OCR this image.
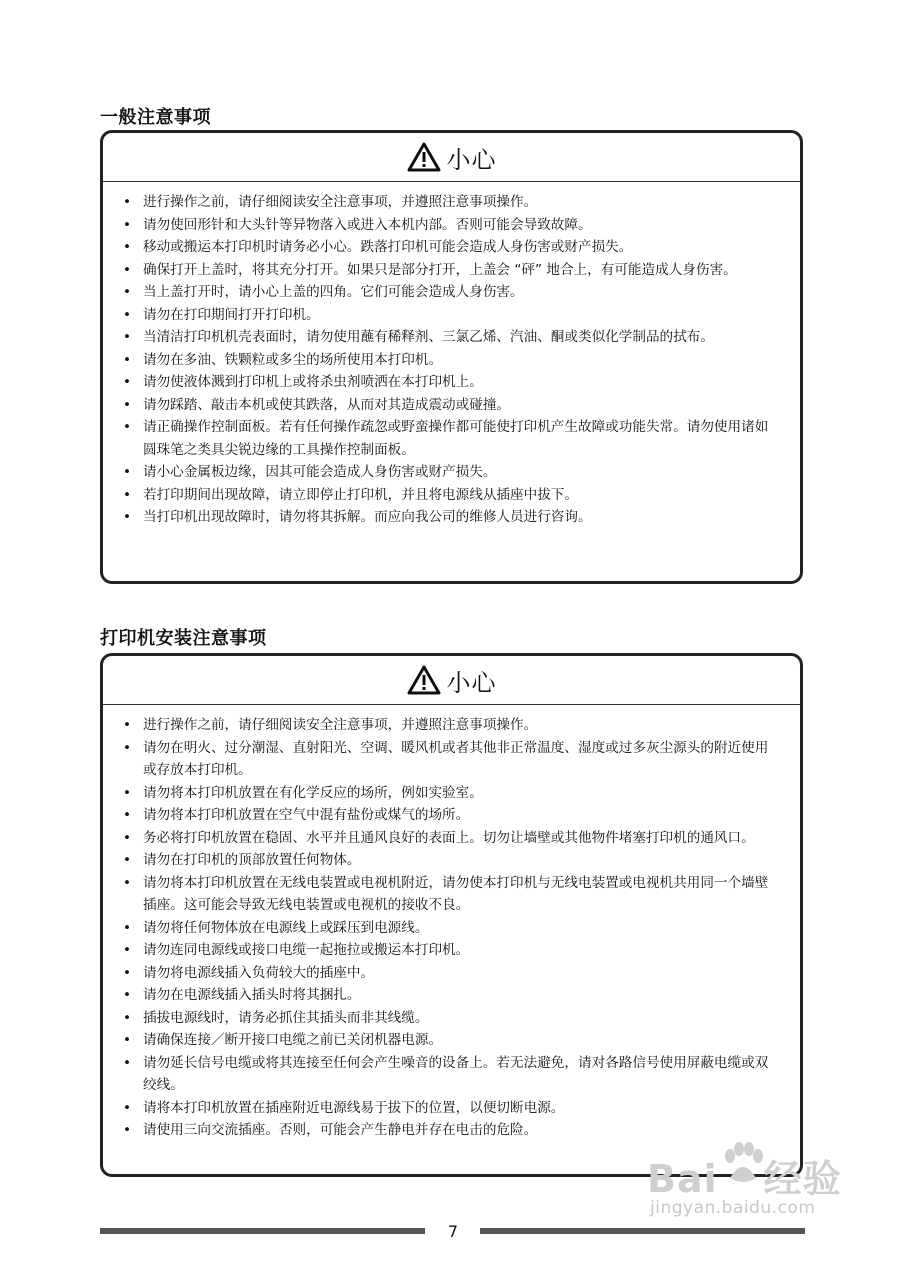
一般注意事项
小心
• 进行操作之前，请仔细阅读安全注意事项，并遵照注意事项操作。
• 请勿使回形针和大头针等异物落入或进入本机内部。否则可能会导致故障。
• 移动或搬运本打印机时请务必小心。跌落打印机可能会造成人身伤害或财产损失。
• 确保打开上盖时，将其充分打开。如果只是部分打开，上盖会 “砰” 地合上，有可能造成人身伤害。
• 当上盖打开时，请小心上盖的四角。它们可能会造成人身伤害。
• 请勿在打印期间打开打印机。
• 当清洁打印机机壳表面时，请勿使用蘸有稀释剂、三氯乙烯、汽油、酮或类似化学制品的拭布。
• 请勿在多油、铁颗粒或多尘的场所使用本打印机。
• 请勿使液体溅到打印机上或将杀虫剂喷洒在本打印机上。
• 请勿踩踏、敲击本机或使其跌落，从而对其造成震动或碰撞。
• 请正确操作控制面板。若有任何操作疏忽或野蛮操作都可能使打印机产生故障或功能失常。请勿使用诸如圆珠笔之类具尖锐边缘的工具操作控制面板。
• 请小心金属板边缘，因其可能会造成人身伤害或财产损失。
• 若打印期间出现故障，请立即停止打印机，并且将电源线从插座中拔下。
• 当打印机出现故障时，请勿将其拆解。而应向我公司的维修人员进行咨询。
打印机安装注意事项
小心
• 进行操作之前，请仔细阅读安全注意事项，并遵照注意事项操作。
• 请勿在明火、过分潮湿、直射阳光、空调、暖风机或者其他非正常温度、湿度或过多灰尘源头的附近使用或存放本打印机。
• 请勿将本打印机放置在有化学反应的场所，例如实验室。
• 请勿将本打印机放置在空气中混有盐份或煤气的场所。
• 务必将打印机放置在稳固、水平并且通风良好的表面上。切勿让墙壁或其他物件堵塞打印机的通风口。
• 请勿在打印机的顶部放置任何物体。
• 请勿将本打印机放置在无线电装置或电视机附近，请勿使本打印机与无线电装置或电视机共用同一个墙壁插座。这可能会导致无线电装置或电视机的接收不良。
• 请勿将任何物体放在电源线上或踩压到电源线。
• 请勿连同电源线或接口电缆一起拖拉或搬运本打印机。
• 请勿将电源线插入负荷较大的插座中。
• 请勿在电源线插入插头时将其捆扎。
• 插拔电源线时，请务必抓住其插头而非其线缆。
• 请确保连接／断开接口电缆之前已关闭机器电源。
• 请勿延长信号电缆或将其连接至任何会产生噪音的设备上。若无法避免，请对各路信号使用屏蔽电缆或双绞线。
• 请将本打印机放置在插座附近电源线易于拔下的位置，以便切断电源。
• 请使用三向交流插座。否则，可能会产生静电并存在电击的危险。
7
Bai 经验
jingyan.baidu.com
